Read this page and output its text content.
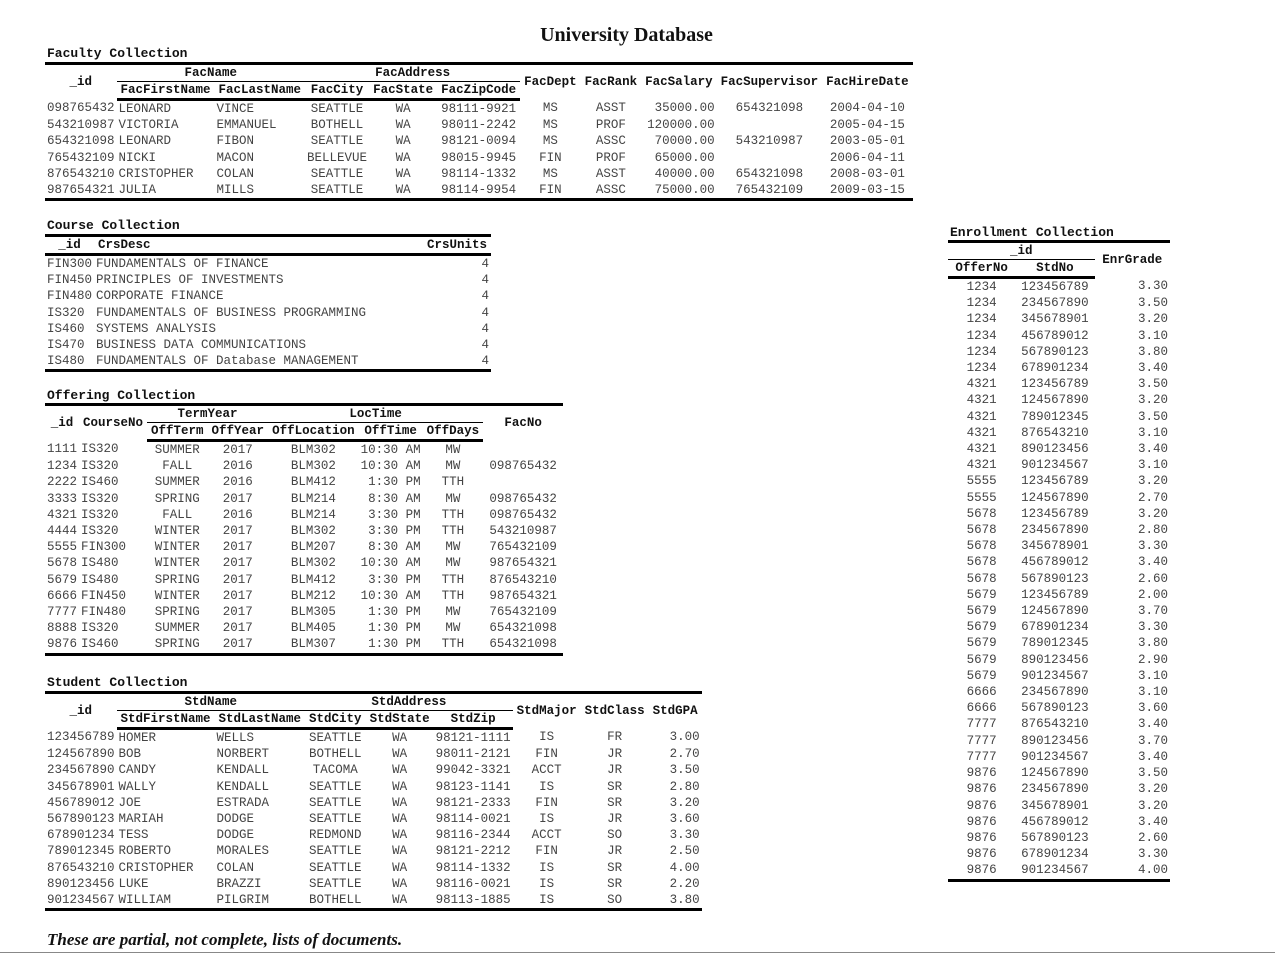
University Database
Faculty Collection
_id	FacName		FacAddress			FacDept	FacRank	FacSalary	FacSupervisor	FacHireDate
	FacFirstName	FacLastName	FacCity	FacState	FacZipCode					
098765432	LEONARD	VINCE	SEATTLE	WA	98111-9921	MS	ASST	35000.00	654321098	2004-04-10
543210987	VICTORIA	EMMANUEL	BOTHELL	WA	98011-2242	MS	PROF	120000.00		2005-04-15
654321098	LEONARD	FIBON	SEATTLE	WA	98121-0094	MS	ASSC	70000.00	543210987	2003-05-01
765432109	NICKI	MACON	BELLEVUE	WA	98015-9945	FIN	PROF	65000.00		2006-04-11
876543210	CRISTOPHER	COLAN	SEATTLE	WA	98114-1332	MS	ASST	40000.00	654321098	2008-03-01
987654321	JULIA	MILLS	SEATTLE	WA	98114-9954	FIN	ASSC	75000.00	765432109	2009-03-15
Course Collection
_id	CrsDesc	CrsUnits
FIN300	FUNDAMENTALS OF FINANCE	4
FIN450	PRINCIPLES OF INVESTMENTS	4
FIN480	CORPORATE FINANCE	4
IS320	FUNDAMENTALS OF BUSINESS PROGRAMMING	4
IS460	SYSTEMS ANALYSIS	4
IS470	BUSINESS DATA COMMUNICATIONS	4
IS480	FUNDAMENTALS OF Database MANAGEMENT	4
Offering Collection
_id	CourseNo	TermYear		LocTime			FacNo
		OffTerm	OffYear	OffLocation	OffTime	OffDays	
1111	IS320	SUMMER	2017	BLM302	10:30 AM	MW	
1234	IS320	FALL	2016	BLM302	10:30 AM	MW	098765432
2222	IS460	SUMMER	2016	BLM412	1:30 PM	TTH	
3333	IS320	SPRING	2017	BLM214	8:30 AM	MW	098765432
4321	IS320	FALL	2016	BLM214	3:30 PM	TTH	098765432
4444	IS320	WINTER	2017	BLM302	3:30 PM	TTH	543210987
5555	FIN300	WINTER	2017	BLM207	8:30 AM	MW	765432109
5678	IS480	WINTER	2017	BLM302	10:30 AM	MW	987654321
5679	IS480	SPRING	2017	BLM412	3:30 PM	TTH	876543210
6666	FIN450	WINTER	2017	BLM212	10:30 AM	TTH	987654321
7777	FIN480	SPRING	2017	BLM305	1:30 PM	MW	765432109
8888	IS320	SUMMER	2017	BLM405	1:30 PM	MW	654321098
9876	IS460	SPRING	2017	BLM307	1:30 PM	TTH	654321098
Student Collection
_id	StdName		StdAddress			StdMajor	StdClass	StdGPA
	StdFirstName	StdLastName	StdCity	StdState	StdZip			
123456789	HOMER	WELLS	SEATTLE	WA	98121-1111	IS	FR	3.00
124567890	BOB	NORBERT	BOTHELL	WA	98011-2121	FIN	JR	2.70
234567890	CANDY	KENDALL	TACOMA	WA	99042-3321	ACCT	JR	3.50
345678901	WALLY	KENDALL	SEATTLE	WA	98123-1141	IS	SR	2.80
456789012	JOE	ESTRADA	SEATTLE	WA	98121-2333	FIN	SR	3.20
567890123	MARIAH	DODGE	SEATTLE	WA	98114-0021	IS	JR	3.60
678901234	TESS	DODGE	REDMOND	WA	98116-2344	ACCT	SO	3.30
789012345	ROBERTO	MORALES	SEATTLE	WA	98121-2212	FIN	JR	2.50
876543210	CRISTOPHER	COLAN	SEATTLE	WA	98114-1332	IS	SR	4.00
890123456	LUKE	BRAZZI	SEATTLE	WA	98116-0021	IS	SR	2.20
901234567	WILLIAM	PILGRIM	BOTHELL	WA	98113-1885	IS	SO	3.80
Enrollment Collection
_id		EnrGrade
OfferNo	StdNo	
1234	123456789	3.30
1234	234567890	3.50
1234	345678901	3.20
1234	456789012	3.10
1234	567890123	3.80
1234	678901234	3.40
4321	123456789	3.50
4321	124567890	3.20
4321	789012345	3.50
4321	876543210	3.10
4321	890123456	3.40
4321	901234567	3.10
5555	123456789	3.20
5555	124567890	2.70
5678	123456789	3.20
5678	234567890	2.80
5678	345678901	3.30
5678	456789012	3.40
5678	567890123	2.60
5679	123456789	2.00
5679	124567890	3.70
5679	678901234	3.30
5679	789012345	3.80
5679	890123456	2.90
5679	901234567	3.10
6666	234567890	3.10
6666	567890123	3.60
7777	876543210	3.40
7777	890123456	3.70
7777	901234567	3.40
9876	124567890	3.50
9876	234567890	3.20
9876	345678901	3.20
9876	456789012	3.40
9876	567890123	2.60
9876	678901234	3.30
9876	901234567	4.00
These are partial, not complete, lists of documents.
